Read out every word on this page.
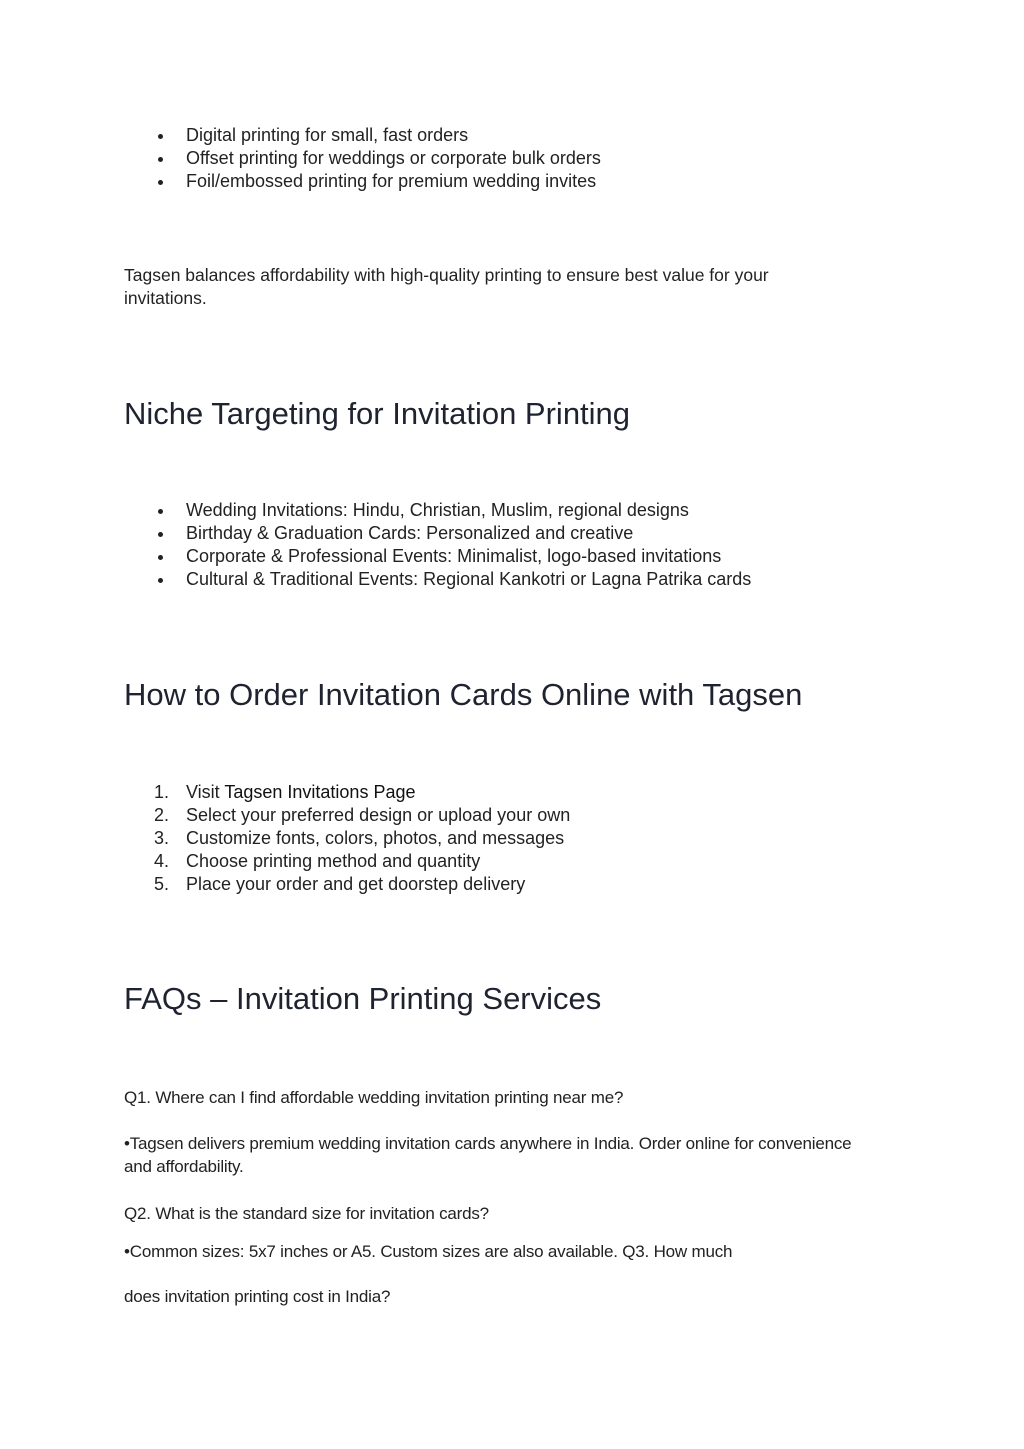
Digital printing for small, fast orders
Offset printing for weddings or corporate bulk orders
Foil/embossed printing for premium wedding invites

Tagsen balances affordability with high-quality printing to ensure best value for your invitations.

Niche Targeting for Invitation Printing
Wedding Invitations: Hindu, Christian, Muslim, regional designs
Birthday & Graduation Cards: Personalized and creative
Corporate & Professional Events: Minimalist, logo-based invitations
Cultural & Traditional Events: Regional Kankotri or Lagna Patrika cards
How to Order Invitation Cards Online with Tagsen
1. Visit Tagsen Invitations Page
2. Select your preferred design or upload your own
3. Customize fonts, colors, photos, and messages
4. Choose printing method and quantity
5. Place your order and get doorstep delivery
FAQs – Invitation Printing Services

Q1. Where can I find affordable wedding invitation printing near me?

•Tagsen delivers premium wedding invitation cards anywhere in India. Order online for convenience and affordability.

Q2. What is the standard size for invitation cards?

•Common sizes: 5x7 inches or A5. Custom sizes are also available. Q3. How much

does invitation printing cost in India?
